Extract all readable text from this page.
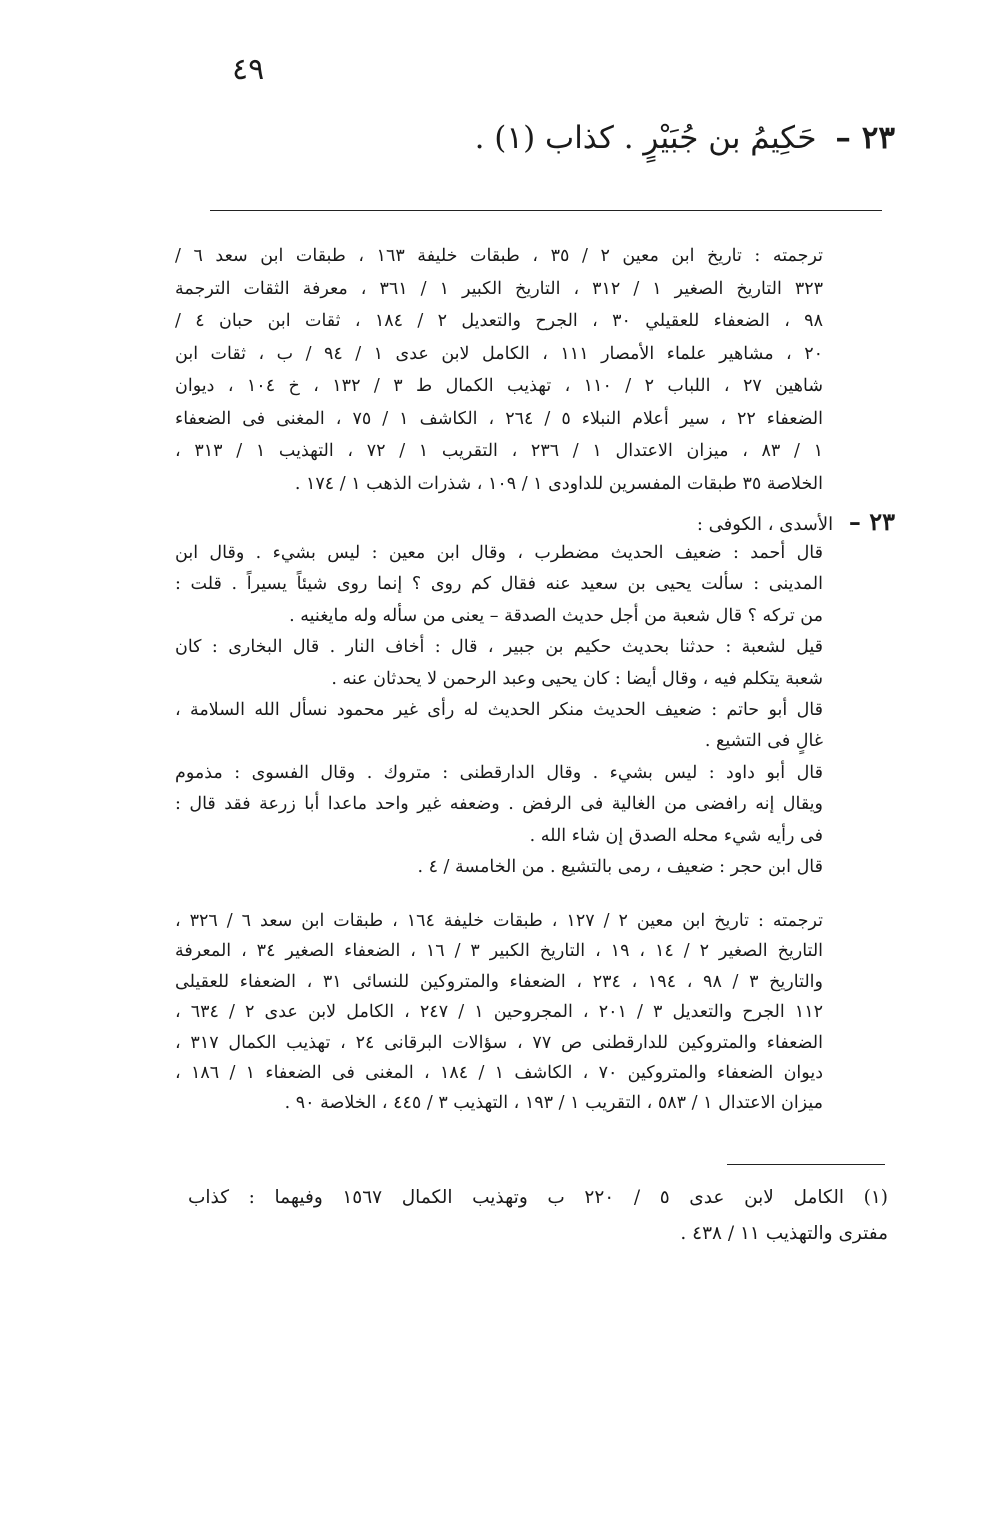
٤٩
٢٣ – حَكِيمُ بن جُبَيْرٍ . كذاب (١) .
ترجمته : تاريخ ابن معين ٢ / ٣٥ ، طبقات خليفة ١٦٣ ، طبقات ابن سعد ٦ /
٣٢٣ التاريخ الصغير ١ / ٣١٢ ، التاريخ الكبير ١ / ٣٦١ ، معرفة الثقات الترجمة
٩٨ ، الضعفاء للعقيلي ٣٠ ، الجرح والتعديل ٢ / ١٨٤ ، ثقات ابن حبان ٤ /
٢٠ ، مشاهير علماء الأمصار ١١١ ، الكامل لابن عدى ١ / ٩٤ / ب ، ثقات ابن
شاهين ٢٧ ، اللباب ٢ / ١١٠ ، تهذيب الكمال ط ٣ / ١٣٢ ، خ ١٠٤ ، ديوان
الضعفاء ٢٢ ، سير أعلام النبلاء ٥ / ٢٦٤ ، الكاشف ١ / ٧٥ ، المغنى فى الضعفاء
١ / ٨٣ ، ميزان الاعتدال ١ / ٢٣٦ ، التقريب ١ / ٧٢ ، التهذيب ١ / ٣١٣ ،
الخلاصة ٣٥ طبقات المفسرين للداودى ١ / ١٠٩ ، شذرات الذهب ١ / ١٧٤ .
٢٣ – الأسدى ، الكوفى :
قال أحمد : ضعيف الحديث مضطرب ، وقال ابن معين : ليس بشيء . وقال ابن
المدينى : سألت يحيى بن سعيد عنه فقال كم روى ؟ إنما روى شيئاً يسيراً . قلت :
من تركه ؟ قال شعبة من أجل حديث الصدقة – يعنى من سأله وله مايغنيه .
قيل لشعبة : حدثنا بحديث حكيم بن جبير ، قال : أخاف النار . قال البخارى : كان
شعبة يتكلم فيه ، وقال أيضا : كان يحيى وعبد الرحمن لا يحدثان عنه .
قال أبو حاتم : ضعيف الحديث منكر الحديث له رأى غير محمود نسأل الله السلامة ،
غالٍ فى التشيع .
قال أبو داود : ليس بشيء . وقال الدارقطنى : متروك . وقال الفسوى : مذموم
ويقال إنه رافضى من الغالية فى الرفض . وضعفه غير واحد ماعدا أبا زرعة فقد قال :
فى رأيه شيء محله الصدق إن شاء الله .
قال ابن حجر : ضعيف ، رمى بالتشيع . من الخامسة / ٤ .
ترجمته : تاريخ ابن معين ٢ / ١٢٧ ، طبقات خليفة ١٦٤ ، طبقات ابن سعد ٦ / ٣٢٦ ،
التاريخ الصغير ٢ / ١٤ ، ١٩ ، التاريخ الكبير ٣ / ١٦ ، الضعفاء الصغير ٣٤ ، المعرفة
والتاريخ ٣ / ٩٨ ، ١٩٤ ، ٢٣٤ ، الضعفاء والمتروكين للنسائى ٣١ ، الضعفاء للعقيلى
١١٢ الجرح والتعديل ٣ / ٢٠١ ، المجروحين ١ / ٢٤٧ ، الكامل لابن عدى ٢ / ٦٣٤ ،
الضعفاء والمتروكين للدارقطنى ص ٧٧ ، سؤالات البرقانى ٢٤ ، تهذيب الكمال ٣١٧ ،
ديوان الضعفاء والمتروكين ٧٠ ، الكاشف ١ / ١٨٤ ، المغنى فى الضعفاء ١ / ١٨٦ ،
ميزان الاعتدال ١ / ٥٨٣ ، التقريب ١ / ١٩٣ ، التهذيب ٣ / ٤٤٥ ، الخلاصة ٩٠ .
(١) الكامل لابن عدى ٥ / ٢٢٠ ب وتهذيب الكمال ١٥٦٧ وفيهما : كذاب
مفترى والتهذيب ١١ / ٤٣٨ .
